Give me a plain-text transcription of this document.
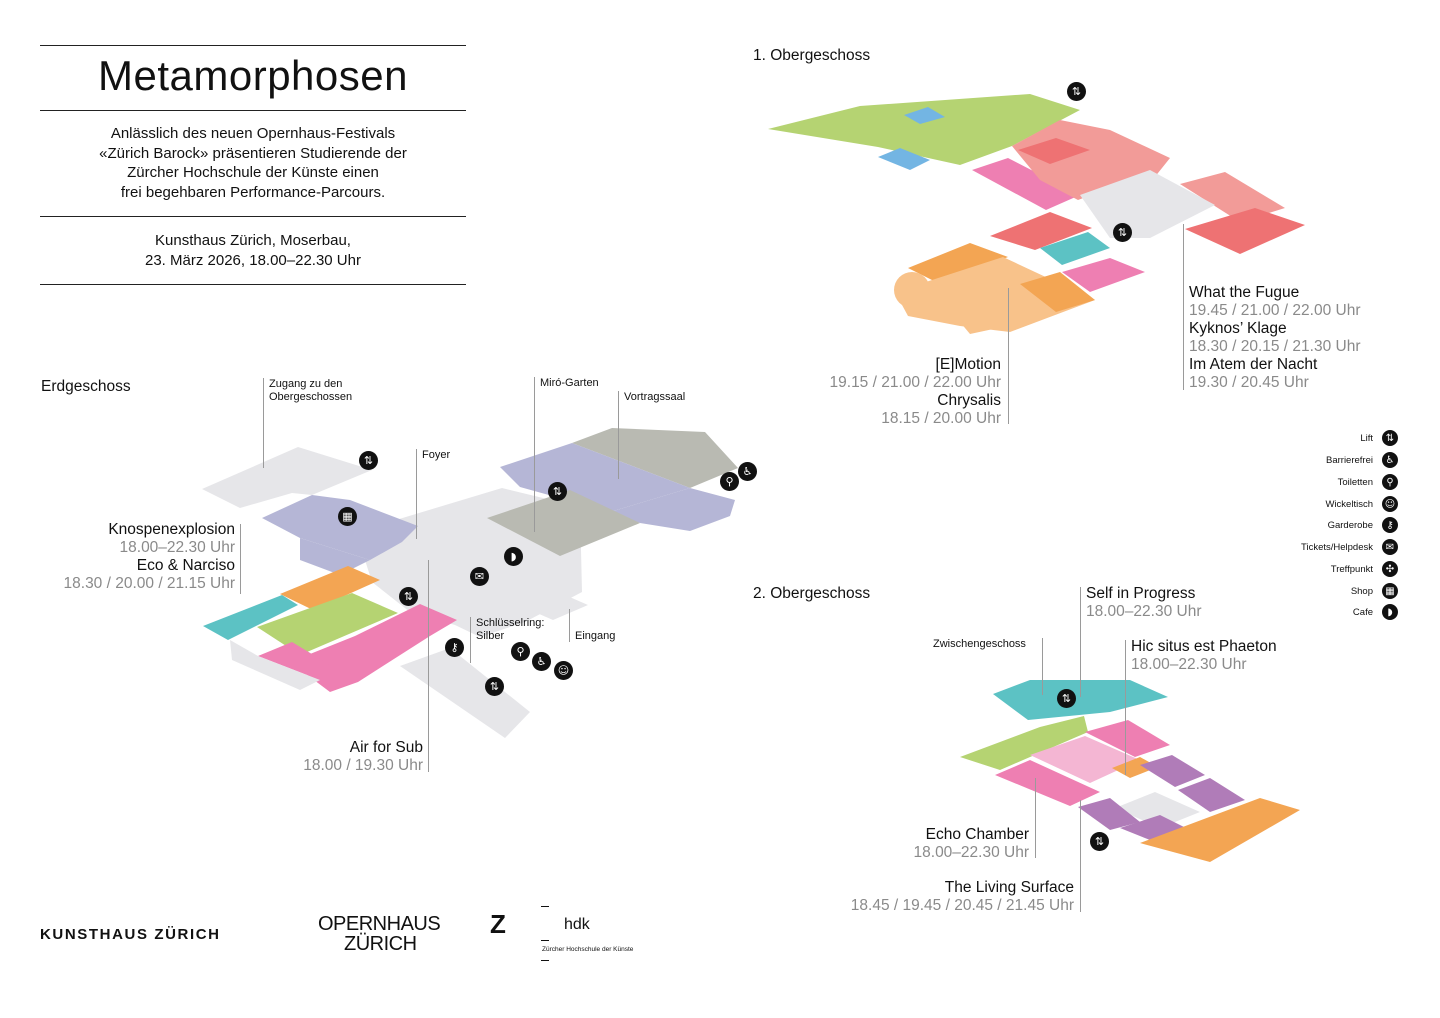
Metamorphosen
Anlässlich des neuen Opernhaus-Festivals
«Zürich Barock» präsentieren Studierende der
Zürcher Hochschule der Künste einen
frei begehbaren Performance-Parcours.
Kunsthaus Zürich, Moserbau,
23. März 2026, 18.00–22.30 Uhr
Erdgeschoss
1. Obergeschoss
2. Obergeschoss
Zugang zu den Obergeschossen
Foyer
Miró-Garten
Vortragssaal
Schlüsselring: Silber	Eingang
Zwischengeschoss
Knospenexplosion
18.00–22.30 Uhr
Eco & Narciso
18.30 / 20.00 / 21.15 Uhr
Air for Sub
18.00 / 19.30 Uhr
[E]Motion
19.15 / 21.00 / 22.00 Uhr
Chrysalis
18.15 / 20.00 Uhr
What the Fugue
19.45 / 21.00 / 22.00 Uhr
Kyknos’ Klage
18.30 / 20.15 / 21.30 Uhr
Im Atem der Nacht
19.30 / 20.45 Uhr
Self in Progress
18.00–22.30 Uhr
Hic situs est Phaeton
18.00–22.30 Uhr
Echo Chamber
18.00–22.30 Uhr
The Living Surface
18.45 / 19.45 / 20.45 / 21.45 Uhr
⇅
⇅
⇅
⇅
▦
◗
✉
⚷	⚲
♿
☺
⚲
♿
⇅
⇅
⇅
⇅
Lift	⇅
Barrierefrei	♿
Toiletten	⚲
Wickeltisch ☺
Garderobe	⚷
Tickets/Helpdesk	✉
Treffpunkt	✣
Shop	▦
Cafe	◗
KUNSTHAUS ZÜRICH	OPERNHAUS
ZÜRICH
Z	hdk
Zürcher Hochschule der Künste
